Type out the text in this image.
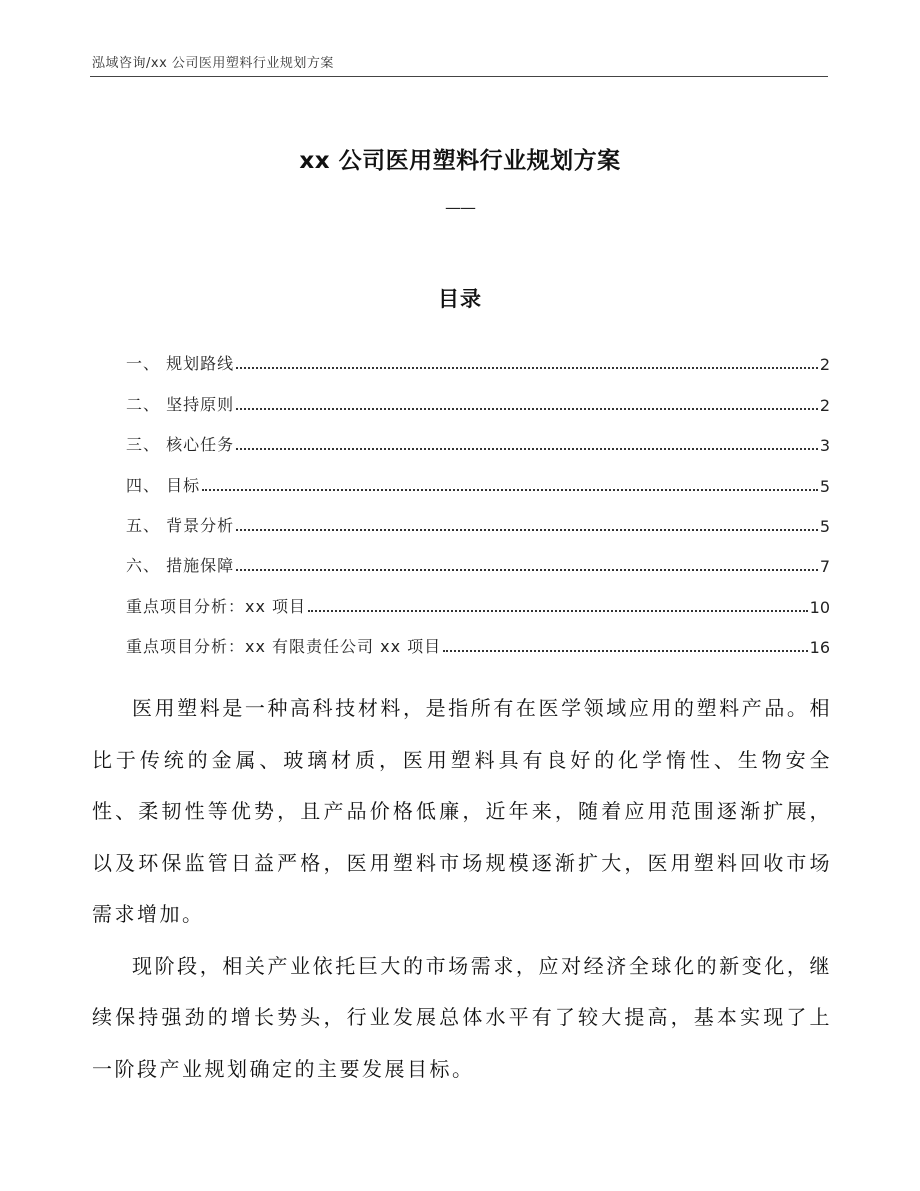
泓域咨询/xx 公司医用塑料行业规划方案
xx 公司医用塑料行业规划方案
——
目录
一、 规划路线	2
二、 坚持原则	2
三、 核心任务	3
四、 目标	5
五、 背景分析	5
六、 措施保障	7
重点项目分析：xx 项目	10
重点项目分析：xx 有限责任公司 xx 项目	16

医用塑料是一种高科技材料，是指所有在医学领域应用的塑料产品。相比于传统的金属、玻璃材质，医用塑料具有良好的化学惰性、生物安全性、柔韧性等优势，且产品价格低廉，近年来，随着应用范围逐渐扩展，以及环保监管日益严格，医用塑料市场规模逐渐扩大，医用塑料回收市场需求增加。

现阶段，相关产业依托巨大的市场需求，应对经济全球化的新变化，继续保持强劲的增长势头，行业发展总体水平有了较大提高，基本实现了上一阶段产业规划确定的主要发展目标。
